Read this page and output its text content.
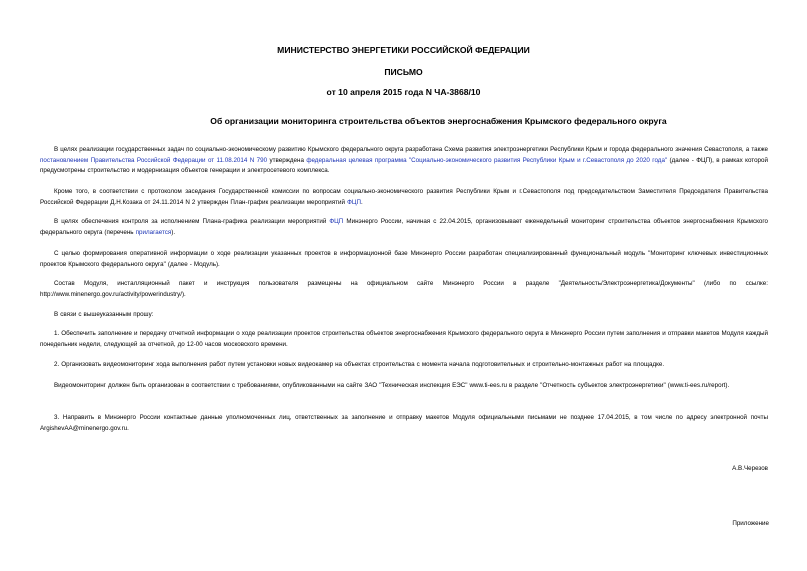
МИНИСТЕРСТВО ЭНЕРГЕТИКИ РОССИЙСКОЙ ФЕДЕРАЦИИ
ПИСЬМО
от 10 апреля 2015 года N ЧА-3868/10
Об организации мониторинга строительства объектов энергоснабжения Крымского федерального округа
В целях реализации государственных задач по социально-экономическому развитию Крымского федерального округа разработана Схема развития электроэнергетики Республики Крым и города федерального значения Севастополя, а также постановлением Правительства Российской Федерации от 11.08.2014 N 790 утверждена федеральная целевая программа "Социально-экономического развития Республики Крым и г.Севастополя до 2020 года" (далее - ФЦП), в рамках которой предусмотрены строительство и модернизация объектов генерации и электросетевого комплекса.
Кроме того, в соответствии с протоколом заседания Государственной комиссии по вопросам социально-экономического развития Республики Крым и г.Севастополя под председательством Заместителя Председателя Правительства Российской Федерации Д.Н.Козака от 24.11.2014 N 2 утвержден План-график реализации мероприятий ФЦП.
В целях обеспечения контроля за исполнением Плана-графика реализации мероприятий ФЦП Минэнерго России, начиная с 22.04.2015, организовывает еженедельный мониторинг строительства объектов энергоснабжения Крымского федерального округа (перечень прилагается).
С целью формирования оперативной информации о ходе реализации указанных проектов в информационной базе Минэнерго России разработан специализированный функциональный модуль "Мониторинг ключевых инвестиционных проектов Крымского федерального округа" (далее - Модуль).
Состав Модуля, инсталляционный пакет и инструкция пользователя размещены на официальном сайте Минэнерго России в разделе "Деятельность/Электроэнергетика/Документы" (либо по ссылке: http://www.minenergo.gov.ru/activity/powerindustry/).
В связи с вышеуказанным прошу:
1. Обеспечить заполнение и передачу отчетной информации о ходе реализации проектов строительства объектов энергоснабжения Крымского федерального округа в Минэнерго России путем заполнения и отправки макетов Модуля каждый понедельник недели, следующей за отчетной, до 12-00 часов московского времени.
2. Организовать видеомониторинг хода выполнения работ путем установки новых видеокамер на объектах строительства с момента начала подготовительных и строительно-монтажных работ на площадке.
Видеомониторинг должен быть организован в соответствии с требованиями, опубликованными на сайте ЗАО "Техническая инспекция ЕЭС" www.ti-ees.ru в разделе "Отчетность субъектов электроэнергетики" (www.ti-ees.ru/report).
3. Направить в Минэнерго России контактные данные уполномоченных лиц, ответственных за заполнение и отправку макетов Модуля официальными письмами не позднее 17.04.2015, в том числе по адресу электронной почты ArgishevAA@minenergo.gov.ru.
А.В.Черезов
Приложение
